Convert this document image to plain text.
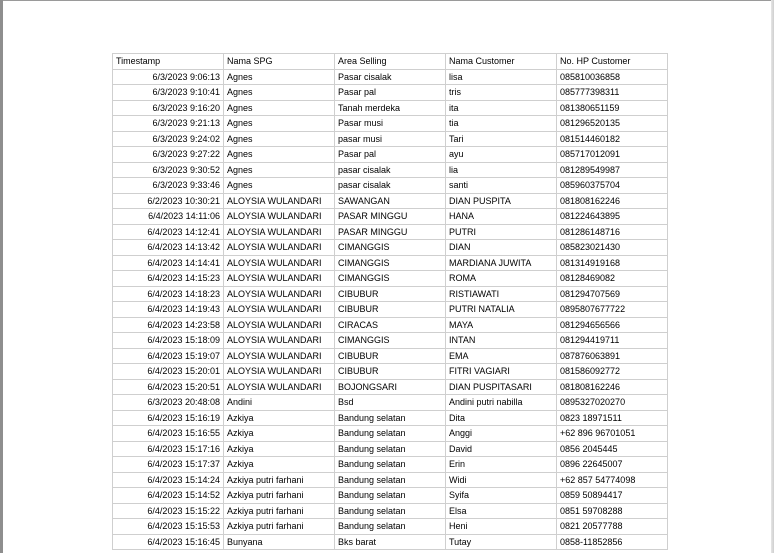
Timestamp	Nama SPG	Area Selling	Nama Customer	No. HP Customer
6/3/2023 9:06:13	Agnes	Pasar cisalak	lisa	085810036858
6/3/2023 9:10:41	Agnes	Pasar pal	tris	085777398311
6/3/2023 9:16:20	Agnes	Tanah merdeka	ita	081380651159
6/3/2023 9:21:13	Agnes	Pasar musi	tia	081296520135
6/3/2023 9:24:02	Agnes	pasar musi	Tari	081514460182
6/3/2023 9:27:22	Agnes	Pasar pal	ayu	085717012091
6/3/2023 9:30:52	Agnes	pasar cisalak	lia	081289549987
6/3/2023 9:33:46	Agnes	pasar cisalak	santi	085960375704
6/2/2023 10:30:21	ALOYSIA WULANDARI	SAWANGAN	DIAN PUSPITA	081808162246
6/4/2023 14:11:06	ALOYSIA WULANDARI	PASAR MINGGU	HANA	081224643895
6/4/2023 14:12:41	ALOYSIA WULANDARI	PASAR MINGGU	PUTRI	081286148716
6/4/2023 14:13:42	ALOYSIA WULANDARI	CIMANGGIS	DIAN	085823021430
6/4/2023 14:14:41	ALOYSIA WULANDARI	CIMANGGIS	MARDIANA JUWITA	081314919168
6/4/2023 14:15:23	ALOYSIA WULANDARI	CIMANGGIS	ROMA	08128469082
6/4/2023 14:18:23	ALOYSIA WULANDARI	CIBUBUR	RISTIAWATI	081294707569
6/4/2023 14:19:43	ALOYSIA WULANDARI	CIBUBUR	PUTRI NATALIA	0895807677722
6/4/2023 14:23:58	ALOYSIA WULANDARI	CIRACAS	MAYA	081294656566
6/4/2023 15:18:09	ALOYSIA WULANDARI	CIMANGGIS	INTAN	081294419711
6/4/2023 15:19:07	ALOYSIA WULANDARI	CIBUBUR	EMA	087876063891
6/4/2023 15:20:01	ALOYSIA WULANDARI	CIBUBUR	FITRI VAGIARI	081586092772
6/4/2023 15:20:51	ALOYSIA WULANDARI	BOJONGSARI	DIAN PUSPITASARI	081808162246
6/3/2023 20:48:08	Andini	Bsd	Andini putri nabilla	0895327020270
6/4/2023 15:16:19	Azkiya	Bandung selatan	Dita	0823 18971511
6/4/2023 15:16:55	Azkiya	Bandung selatan	Anggi	+62 896 96701051
6/4/2023 15:17:16	Azkiya	Bandung selatan	David	0856 2045445
6/4/2023 15:17:37	Azkiya	Bandung selatan	Erin	0896 22645007
6/4/2023 15:14:24	Azkiya putri farhani	Bandung selatan	Widi	+62 857 54774098
6/4/2023 15:14:52	Azkiya putri farhani	Bandung selatan	Syifa	0859 50894417
6/4/2023 15:15:22	Azkiya putri farhani	Bandung selatan	Elsa	0851 59708288
6/4/2023 15:15:53	Azkiya putri farhani	Bandung selatan	Heni	0821 20577788
6/4/2023 15:16:45	Bunyana	Bks barat	Tutay	0858-11852856
